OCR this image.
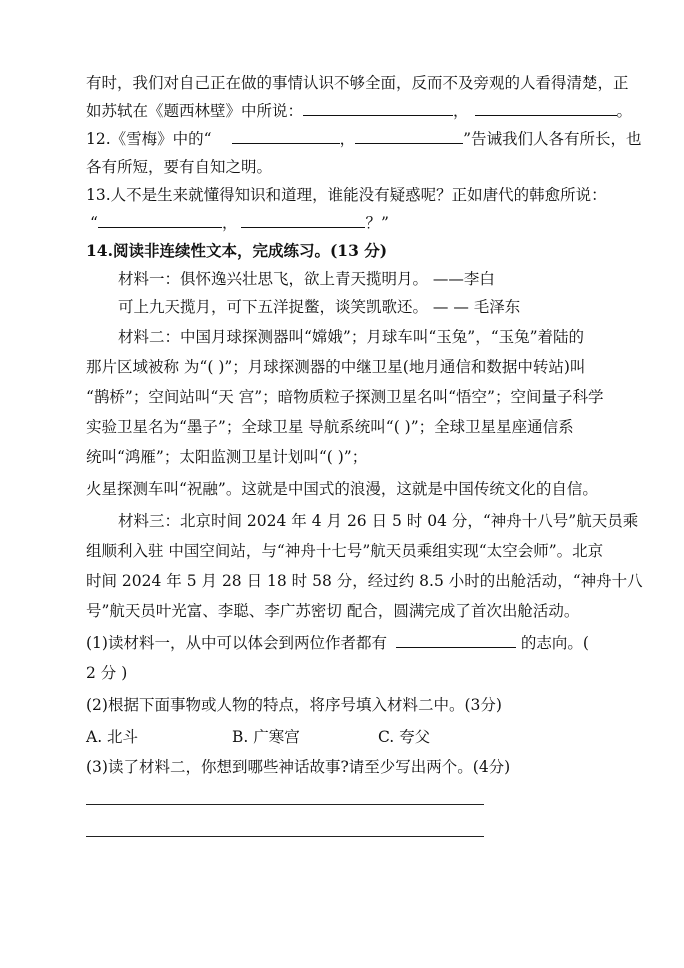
有时，我们对自己正在做的事情认识不够全面，反而不及旁观的人看得清楚，正
如苏轼在《题西林壁》中所说：	，	。
12.《雪梅》中的“	，	”告诫我们人各有所长，也
各有所短，要有自知之明。
13.人不是生来就懂得知识和道理，谁能没有疑惑呢？正如唐代的韩愈所说：
“	，	？”
14.阅读非连续性文本，完成练习。(13 分)
材料一：俱怀逸兴壮思飞，欲上青天揽明月。 ——李白
可上九天揽月，可下五洋捉鳖，谈笑凯歌还。 — — 毛泽东
材料二：中国月球探测器叫“嫦娥”；月球车叫“玉兔”，“玉兔”着陆的
那片区域被称 为“( )”；月球探测器的中继卫星(地月通信和数据中转站)叫
“鹊桥”；空间站叫“天 宫”；暗物质粒子探测卫星名叫“悟空”；空间量子科学
实验卫星名为“墨子”；全球卫星 导航系统叫“( )”；全球卫星星座通信系
统叫“鸿雁”；太阳监测卫星计划叫“( )”；
火星探测车叫“祝融”。这就是中国式的浪漫，这就是中国传统文化的自信。
材料三：北京时间 2024 年 4 月 26 日 5 时 04 分，“神舟十八号”航天员乘
组顺利入驻 中国空间站，与“神舟十七号”航天员乘组实现“太空会师”。北京
时间 2024 年 5 月 28 日 18 时 58 分，经过约 8.5 小时的出舱活动，“神舟十八
号”航天员叶光富、李聪、李广苏密切 配合，圆满完成了首次出舱活动。
(1)读材料一，从中可以体会到两位作者都有	的志向。(
2 分 )
(2)根据下面事物或人物的特点，将序号填入材料二中。(3分)
A. 北斗	B. 广寒宫	C. 夸父
(3)读了材料二，你想到哪些神话故事?请至少写出两个。(4分)
